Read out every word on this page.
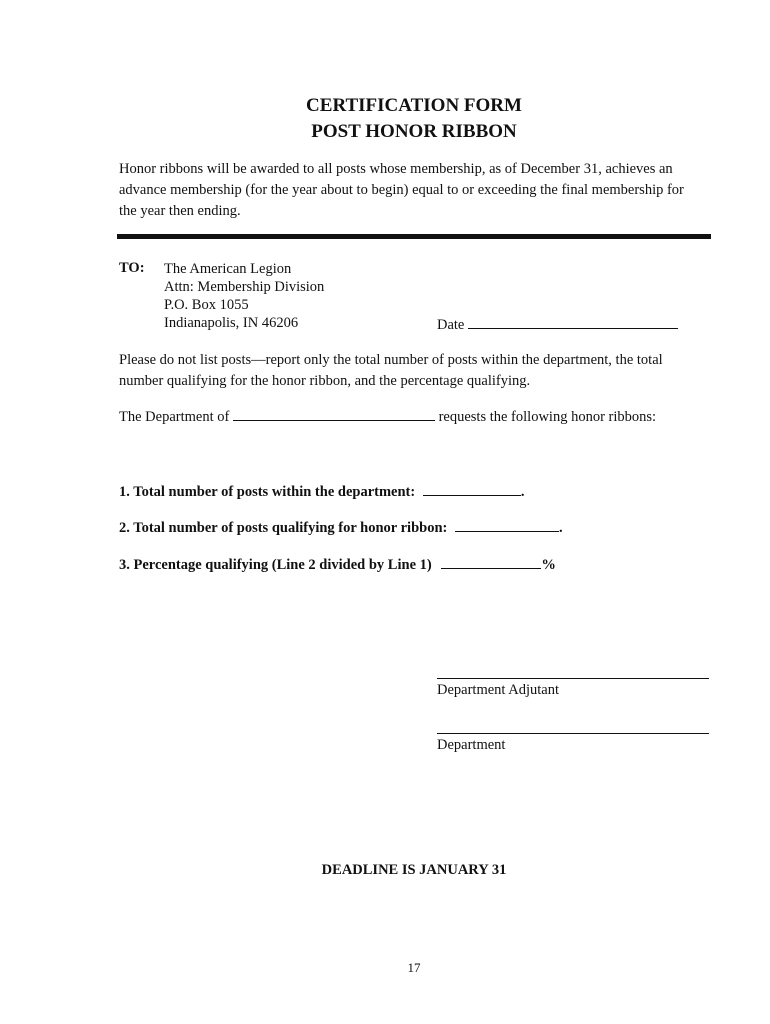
CERTIFICATION FORM
POST HONOR RIBBON
Honor ribbons will be awarded to all posts whose membership, as of December 31, achieves an
advance membership (for the year about to begin) equal to or exceeding the final membership for
the year then ending.
TO: The American Legion
Attn: Membership Division
P.O. Box 1055
Indianapolis, IN 46206	Date
Please do not list posts—report only the total number of posts within the department, the total
number qualifying for the honor ribbon, and the percentage qualifying.
The Department of	requests the following honor ribbons:
1. Total number of posts within the department:	.
2. Total number of posts qualifying for honor ribbon:	.
3. Percentage qualifying (Line 2 divided by Line 1)	%
Department Adjutant
Department
DEADLINE IS JANUARY 31
17
